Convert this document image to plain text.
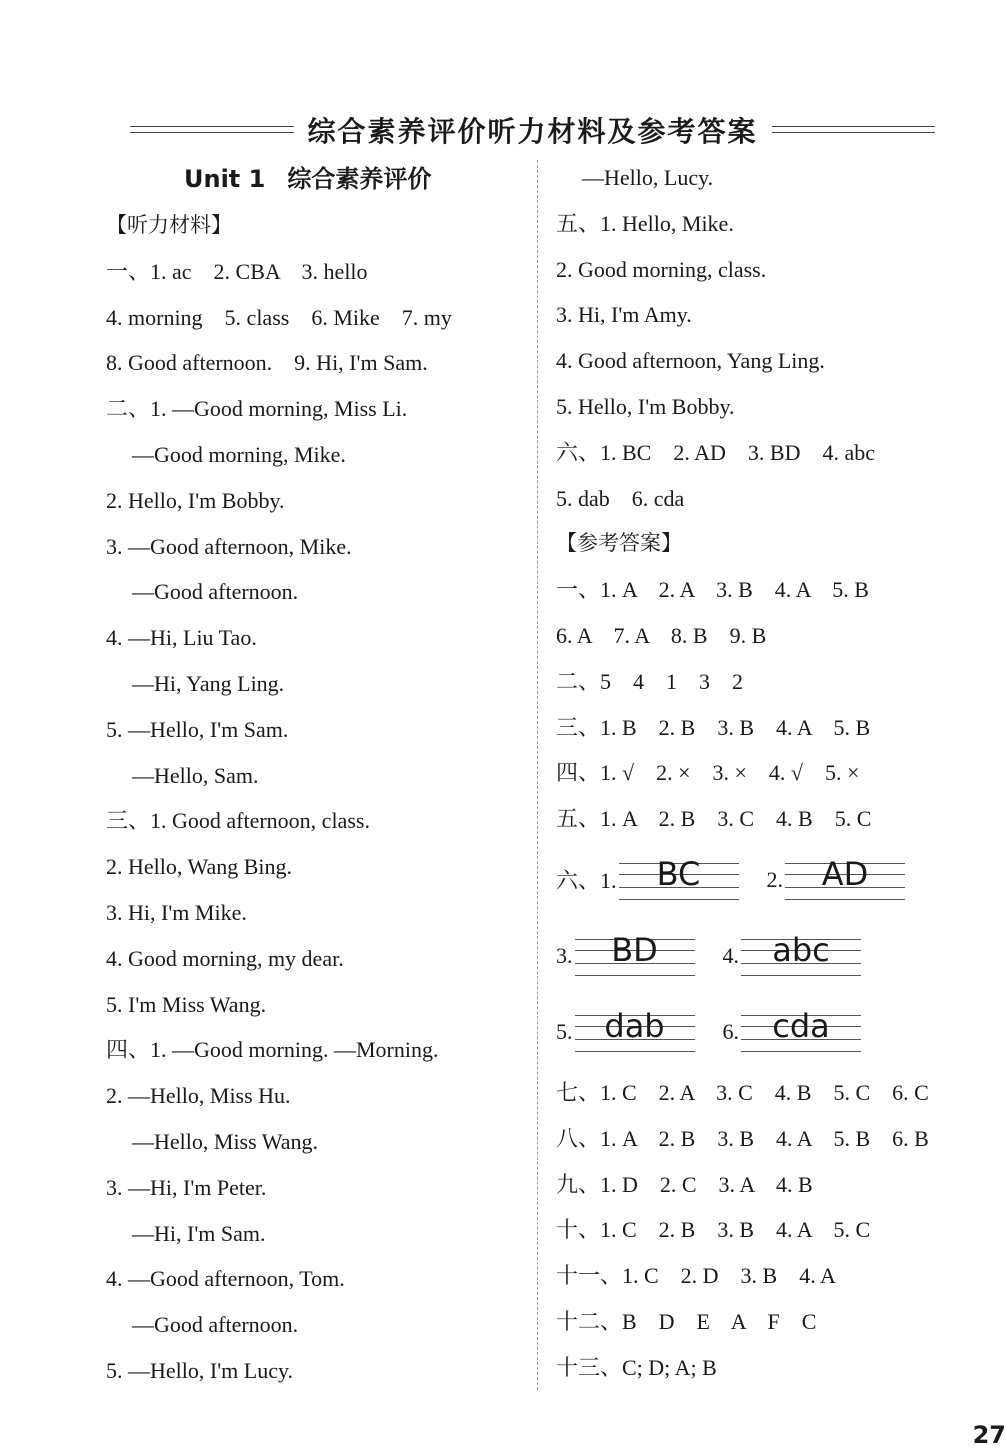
综合素养评价听力材料及参考答案
Unit 1 综合素养评价
【听力材料】
一、1. ac    2. CBA    3. hello
4. morning    5. class    6. Mike    7. my
8. Good afternoon.    9. Hi, I'm Sam.
二、1. —Good morning, Miss Li.
—Good morning, Mike.
2. Hello, I'm Bobby.
3. —Good afternoon, Mike.
—Good afternoon.
4. —Hi, Liu Tao.
—Hi, Yang Ling.
5. —Hello, I'm Sam.
—Hello, Sam.
三、1. Good afternoon, class.
2. Hello, Wang Bing.
3. Hi, I'm Mike.
4. Good morning, my dear.
5. I'm Miss Wang.
四、1. —Good morning. —Morning.
2. —Hello, Miss Hu.
—Hello, Miss Wang.
3. —Hi, I'm Peter.
—Hi, I'm Sam.
4. —Good afternoon, Tom.
—Good afternoon.
5. —Hello, I'm Lucy.
—Hello, Lucy.
五、1. Hello, Mike.
2. Good morning, class.
3. Hi, I'm Amy.
4. Good afternoon, Yang Ling.
5. Hello, I'm Bobby.
六、1. BC    2. AD    3. BD    4. abc
5. dab    6. cda
【参考答案】
一、1. A    2. A    3. B    4. A    5. B
6. A    7. A    8. B    9. B
二、5    4    1    3    2
三、1. B    2. B    3. B    4. A    5. B
四、1. √    2. ×    3. ×    4. √    5. ×
五、1. A    2. B    3. C    4. B    5. C
六、1.	BC	2.	AD
3.	BD	4.	abc
5. dab	6.	cda
七、1. C    2. A    3. C    4. B    5. C    6. C
八、1. A    2. B    3. B    4. A    5. B    6. B
九、1. D    2. C    3. A    4. B
十、1. C    2. B    3. B    4. A    5. C
十一、1. C    2. D    3. B    4. A
十二、B    D    E    A    F    C
十三、C; D; A; B
27
